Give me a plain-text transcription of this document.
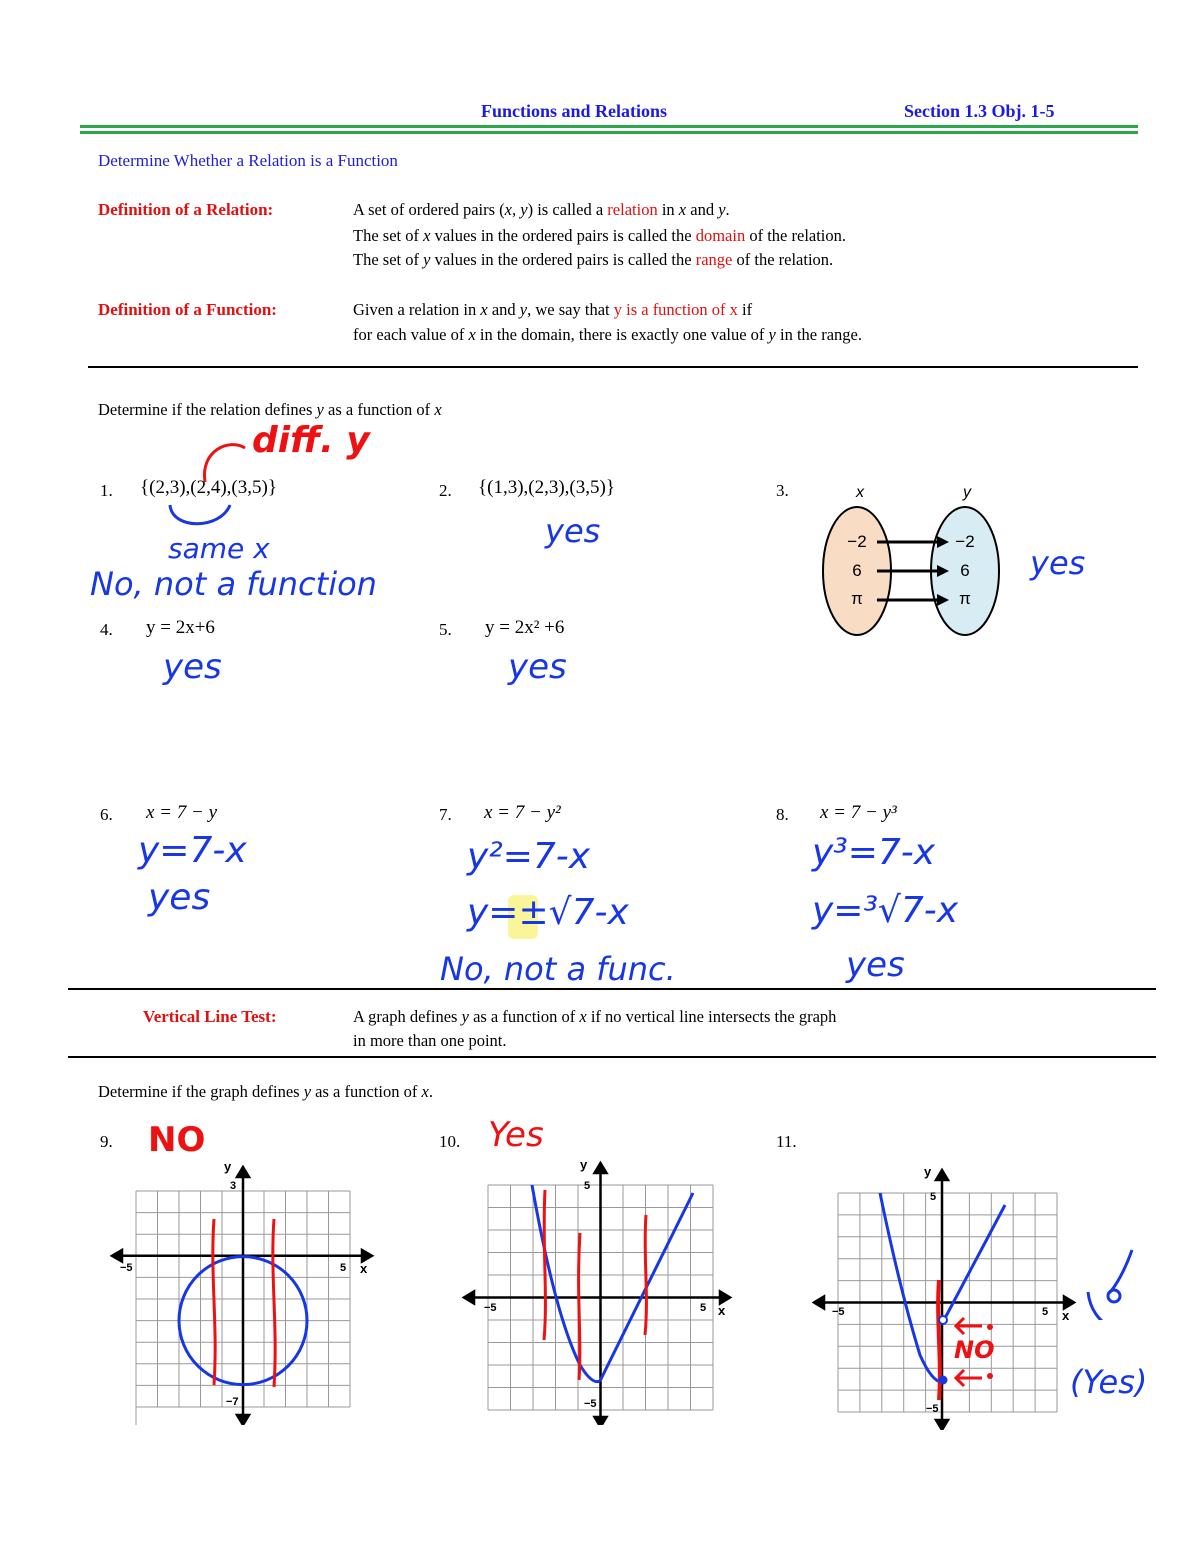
Functions and Relations	Section 1.3 Obj. 1-5
Determine Whether a Relation is a Function
Definition of a Relation:	A set of ordered pairs (x, y) is called a relation in x and y.
The set of x values in the ordered pairs is called the domain of the relation.
The set of y values in the ordered pairs is called the range of the relation.
Definition of a Function:	Given a relation in x and y, we say that y is a function of x if
for each value of x in the domain, there is exactly one value of y in the range.
Determine if the relation defines y as a function of x
1. {(2,3),(2,4),(3,5)}
diff. y
same x
No, not a function
2. {(1,3),(2,3),(3,5)}
yes
3.	x	y
−2
6
π
−2
6
π
yes
4. y = 2x+6
yes
5. y = 2x² +6
yes
6. x = 7 − y
y=7-x
yes
7. x = 7 − y²
y²=7-x
y=±√7-x
No, not a func.
8. x = 7 − y³
y³=7-x
y=³√7-x
yes
Vertical Line Test:	A graph defines y as a function of x if no vertical line intersects the graph
in more than one point.
Determine if the graph defines y as a function of x.
9. NO
y
x
3
−5	5
−7
10. Yes
y
x
5
−5	5
−5
11.
y
x
5
−5	5
−5
NO
(Yes)
